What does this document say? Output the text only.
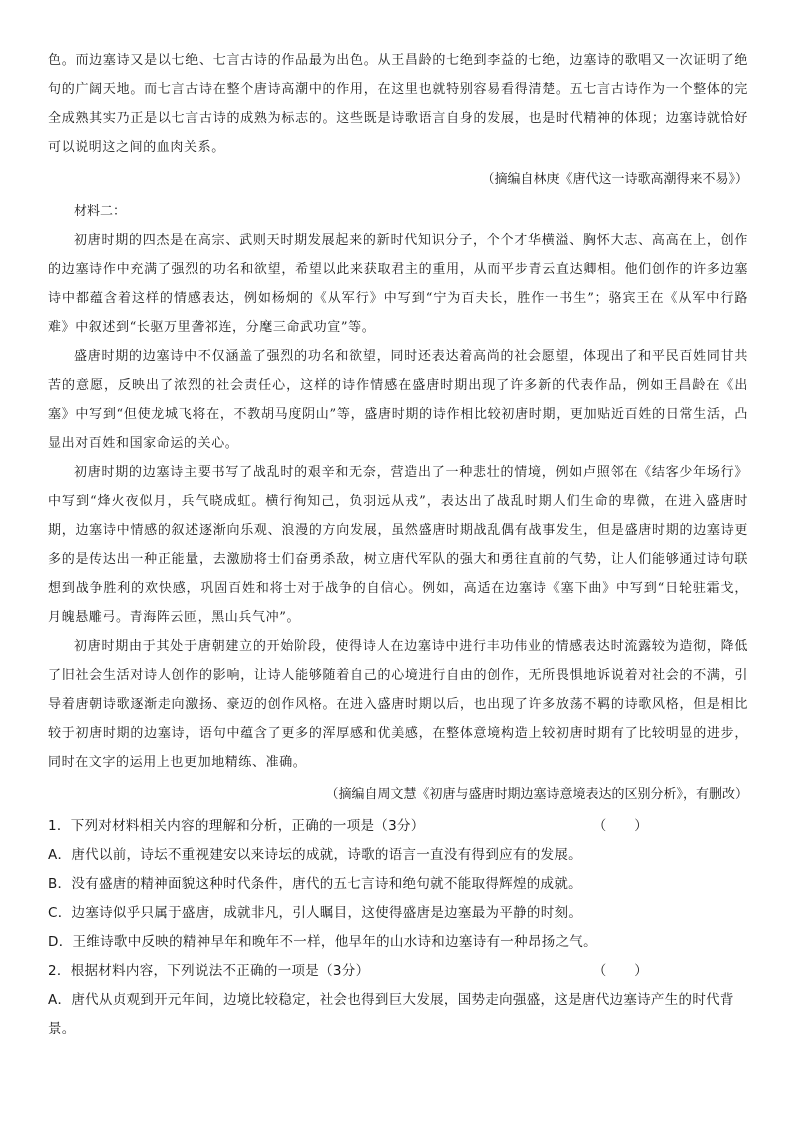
色。而边塞诗又是以七绝、七言古诗的作品最为出色。从王昌龄的七绝到李益的七绝，边塞诗的歌唱又一次证明了绝句的广阔天地。而七言古诗在整个唐诗高潮中的作用，在这里也就特别容易看得清楚。五七言古诗作为一个整体的完全成熟其实乃正是以七言古诗的成熟为标志的。这些既是诗歌语言自身的发展，也是时代精神的体现；边塞诗就恰好可以说明这之间的血肉关系。

（摘编自林庚《唐代这一诗歌高潮得来不易》）
材料二：

初唐时期的四杰是在高宗、武则天时期发展起来的新时代知识分子，个个才华横溢、胸怀大志、高高在上，创作的边塞诗作中充满了强烈的功名和欲望，希望以此来获取君主的重用，从而平步青云直达卿相。他们创作的许多边塞诗中都蕴含着这样的情感表达，例如杨炯的《从军行》中写到“宁为百夫长，胜作一书生”；骆宾王在《从军中行路难》中叙述到“长驱万里詟祁连，分麾三命武功宣”等。

盛唐时期的边塞诗中不仅涵盖了强烈的功名和欲望，同时还表达着高尚的社会愿望，体现出了和平民百姓同甘共苦的意愿，反映出了浓烈的社会责任心，这样的诗作情感在盛唐时期出现了许多新的代表作品，例如王昌龄在《出塞》中写到“但使龙城飞将在，不教胡马度阴山”等，盛唐时期的诗作相比较初唐时期，更加贴近百姓的日常生活，凸显出对百姓和国家命运的关心。

初唐时期的边塞诗主要书写了战乱时的艰辛和无奈，营造出了一种悲壮的情境，例如卢照邻在《结客少年场行》中写到“烽火夜似月，兵气晓成虹。横行徇知己，负羽远从戎”，表达出了战乱时期人们生命的卑微，在进入盛唐时期，边塞诗中情感的叙述逐渐向乐观、浪漫的方向发展，虽然盛唐时期战乱偶有战事发生，但是盛唐时期的边塞诗更多的是传达出一种正能量，去激励将士们奋勇杀敌，树立唐代军队的强大和勇往直前的气势，让人们能够通过诗句联想到战争胜利的欢快感，巩固百姓和将士对于战争的自信心。例如，高适在边塞诗《塞下曲》中写到“日轮驻霜戈，月魄悬雕弓。青海阵云匝，黑山兵气冲”。

初唐时期由于其处于唐朝建立的开始阶段，使得诗人在边塞诗中进行丰功伟业的情感表达时流露较为造彻，降低了旧社会生活对诗人创作的影响，让诗人能够随着自己的心境进行自由的创作，无所畏惧地诉说着对社会的不满，引导着唐朝诗歌逐渐走向激扬、豪迈的创作风格。在进入盛唐时期以后，也出现了许多放荡不羁的诗歌风格，但是相比较于初唐时期的边塞诗，语句中蕴含了更多的浑厚感和优美感，在整体意境构造上较初唐时期有了比较明显的进步，同时在文字的运用上也更加地精练、准确。

（摘编自周文慧《初唐与盛唐时期边塞诗意境表达的区别分析》，有删改）
1．下列对材料相关内容的理解和分析，正确的一项是（3分）	（　　）
A．唐代以前，诗坛不重视建安以来诗坛的成就，诗歌的语言一直没有得到应有的发展。
B．没有盛唐的精神面貌这种时代条件，唐代的五七言诗和绝句就不能取得辉煌的成就。
C．边塞诗似乎只属于盛唐，成就非凡，引人瞩目，这使得盛唐是边塞最为平静的时刻。
D．王维诗歌中反映的精神早年和晚年不一样，他早年的山水诗和边塞诗有一种昂扬之气。
2．根据材料内容，下列说法不正确的一项是（3分）	（　　）
A．唐代从贞观到开元年间，边境比较稳定，社会也得到巨大发展，国势走向强盛，这是唐代边塞诗产生的时代背景。
